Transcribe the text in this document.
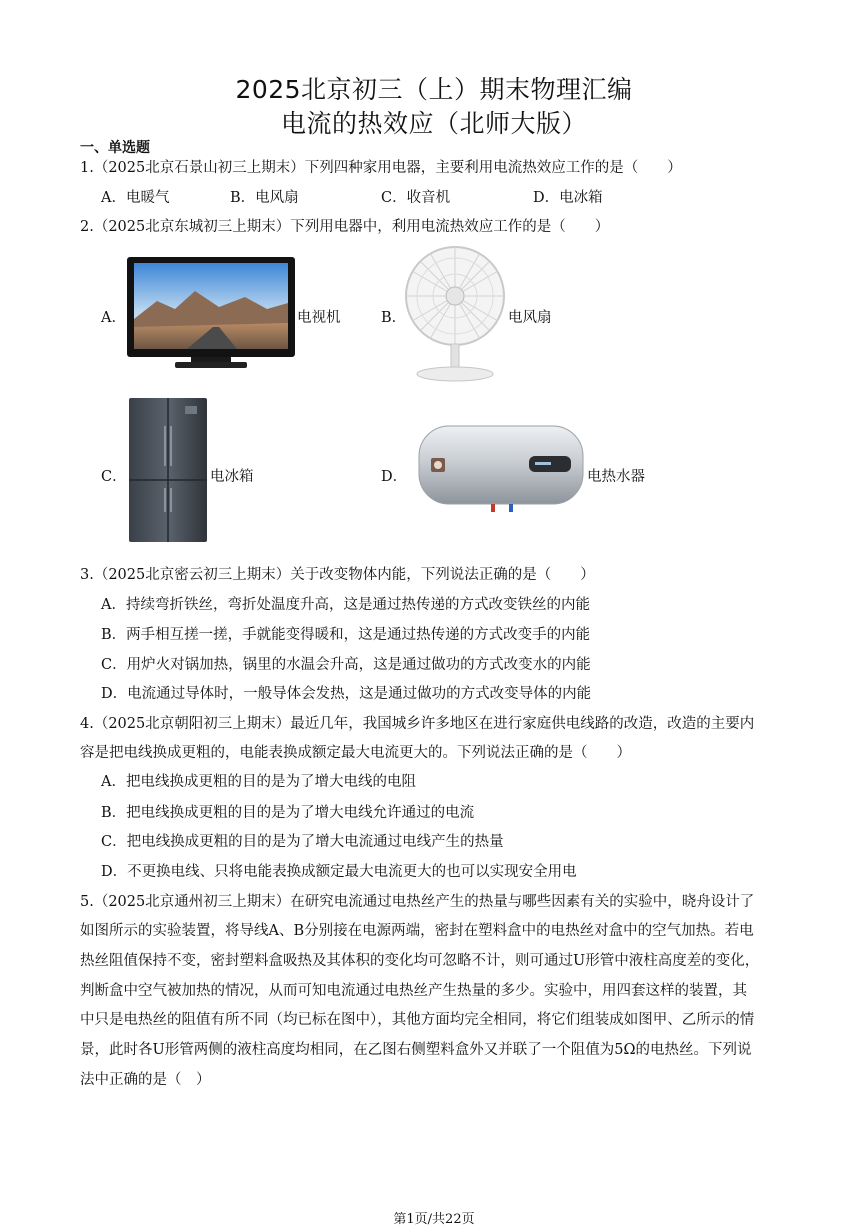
2025北京初三（上）期末物理汇编
电流的热效应（北师大版）
一、单选题
1.（2025北京石景山初三上期末）下列四种家用电器，主要利用电流热效应工作的是（　　）
A．电暖气	B．电风扇	C．收音机	D．电冰箱
2.（2025北京东城初三上期末）下列用电器中，利用电流热效应工作的是（　　）
A．	电视机	B．	电风扇
C．	电冰箱	D．	电热水器
3.（2025北京密云初三上期末）关于改变物体内能，下列说法正确的是（　　）
A．持续弯折铁丝，弯折处温度升高，这是通过热传递的方式改变铁丝的内能
B．两手相互搓一搓，手就能变得暖和，这是通过热传递的方式改变手的内能
C．用炉火对锅加热，锅里的水温会升高，这是通过做功的方式改变水的内能
D．电流通过导体时，一般导体会发热，这是通过做功的方式改变导体的内能
4.（2025北京朝阳初三上期末）最近几年，我国城乡许多地区在进行家庭供电线路的改造，改造的主要内
容是把电线换成更粗的，电能表换成额定最大电流更大的。下列说法正确的是（　　）
A．把电线换成更粗的目的是为了增大电线的电阻
B．把电线换成更粗的目的是为了增大电线允许通过的电流
C．把电线换成更粗的目的是为了增大电流通过电线产生的热量
D．不更换电线、只将电能表换成额定最大电流更大的也可以实现安全用电
5.（2025北京通州初三上期末）在研究电流通过电热丝产生的热量与哪些因素有关的实验中，晓舟设计了
如图所示的实验装置，将导线A、B分别接在电源两端，密封在塑料盒中的电热丝对盒中的空气加热。若电
热丝阻值保持不变，密封塑料盒吸热及其体积的变化均可忽略不计，则可通过U形管中液柱高度差的变化，
判断盒中空气被加热的情况，从而可知电流通过电热丝产生热量的多少。实验中，用四套这样的装置，其
中只是电热丝的阻值有所不同（均已标在图中），其他方面均完全相同，将它们组装成如图甲、乙所示的情
景，此时各U形管两侧的液柱高度均相同，在乙图右侧塑料盒外又并联了一个阻值为5Ω的电热丝。下列说
法中正确的是（　）
第1页/共22页
